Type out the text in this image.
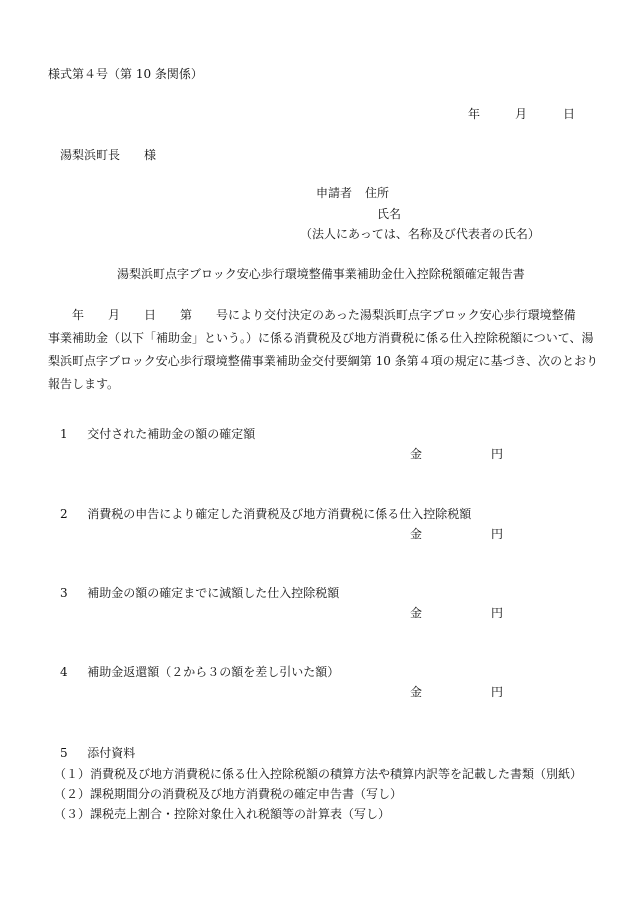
様式第４号（第 10 条関係）
年	月	日
湯梨浜町長　　様
申請者 住所
氏名
（法人にあっては、名称及び代表者の氏名）
湯梨浜町点字ブロック安心歩行環境整備事業補助金仕入控除税額確定報告書
　　年　　月　　日　　第　　号により交付決定のあった湯梨浜町点字ブロック安心歩行環境整備
事業補助金（以下「補助金」という。）に係る消費税及び地方消費税に係る仕入控除税額について、湯
梨浜町点字ブロック安心歩行環境整備事業補助金交付要綱第 10 条第４項の規定に基づき、次のとおり
報告します。
1 交付された補助金の額の確定額
金	円
2 消費税の申告により確定した消費税及び地方消費税に係る仕入控除税額
金	円
3 補助金の額の確定までに減額した仕入控除税額
金	円
4 補助金返還額（２から３の額を差し引いた額）
金	円
5 添付資料
（１）消費税及び地方消費税に係る仕入控除税額の積算方法や積算内訳等を記載した書類（別紙）
（２）課税期間分の消費税及び地方消費税の確定申告書（写し）
（３）課税売上割合・控除対象仕入れ税額等の計算表（写し）
